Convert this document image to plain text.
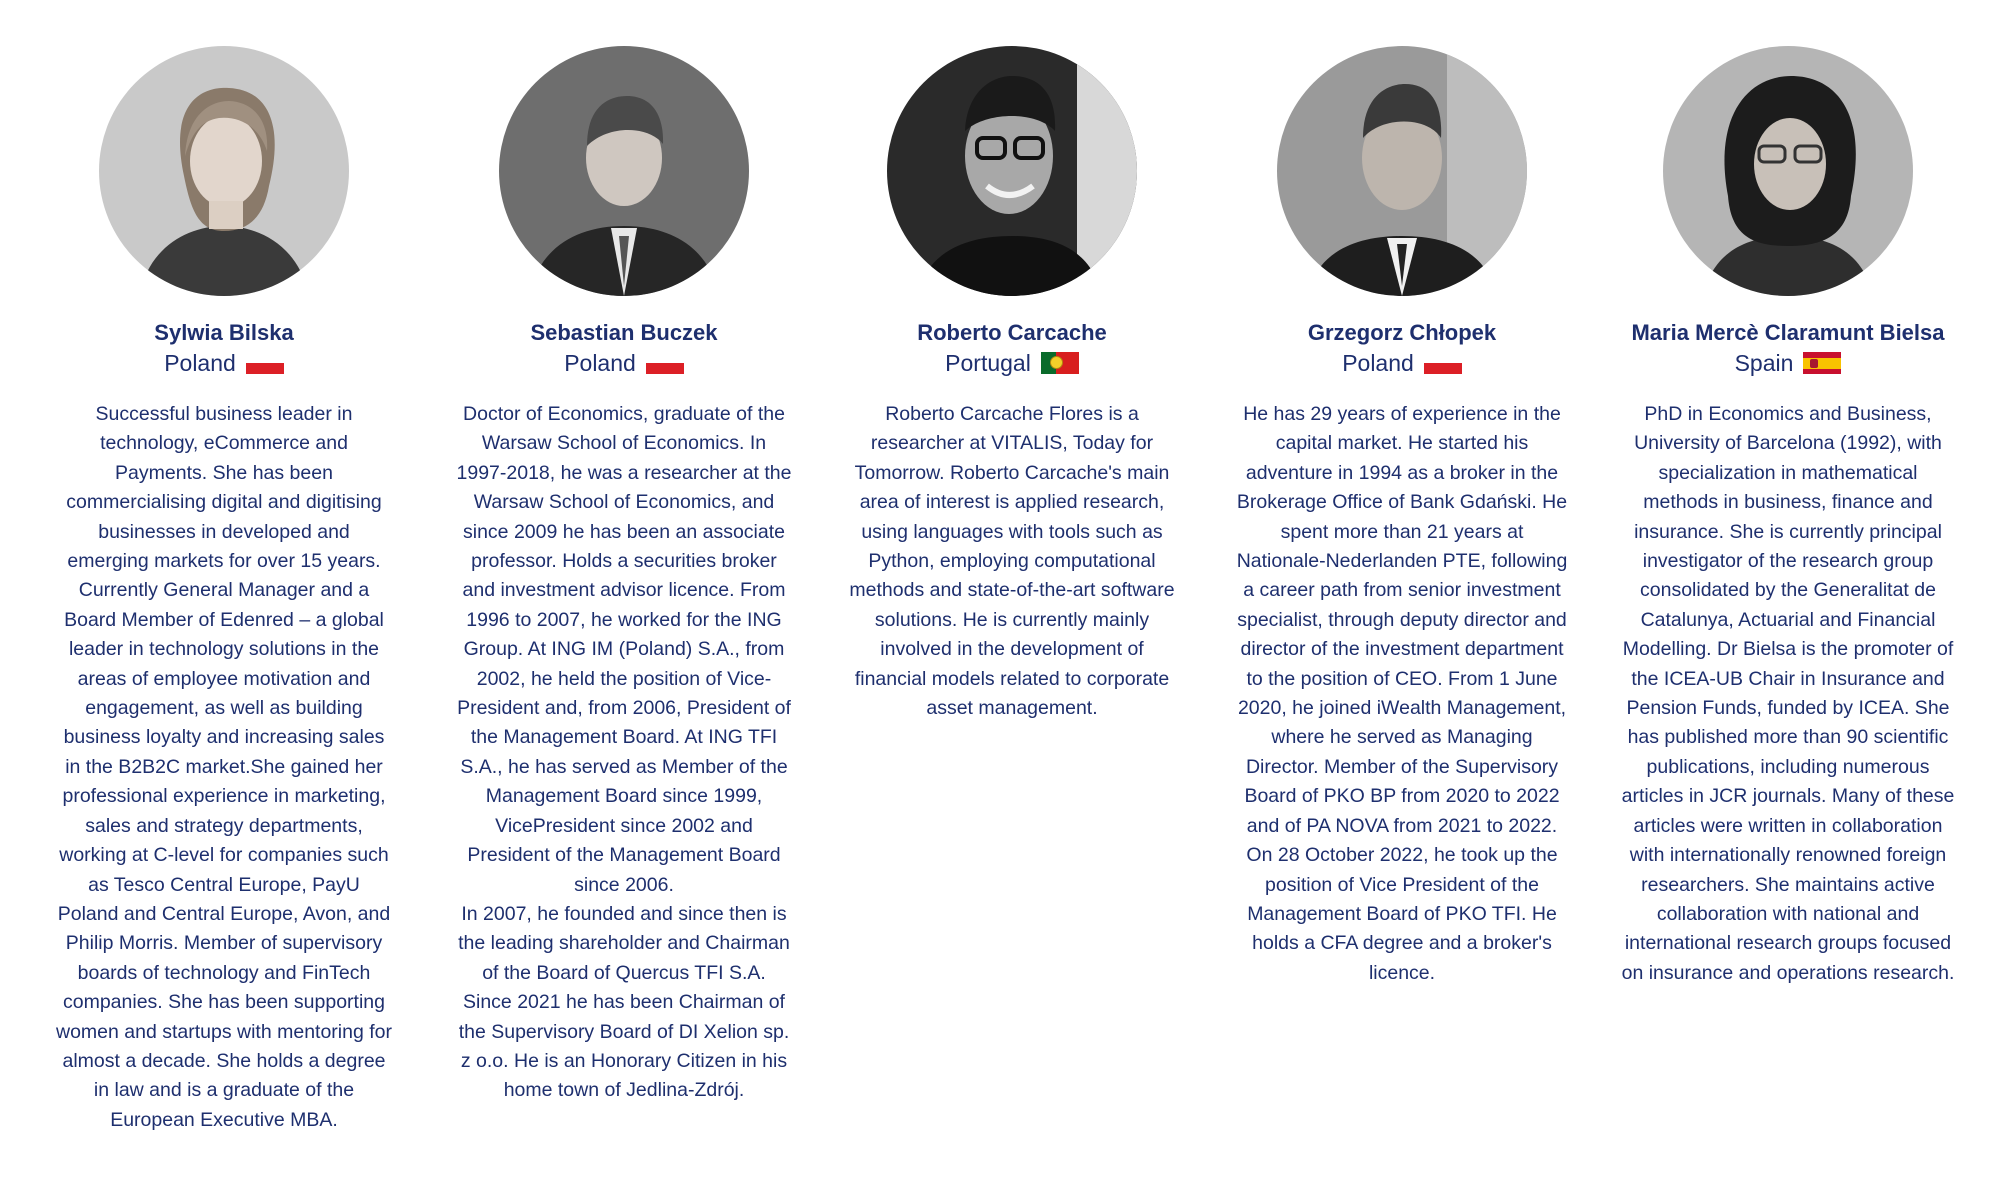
Sylwia Bilska
Poland

Successful business leader in technology, eCommerce and Payments. She has been commercialising digital and digitising businesses in developed and emerging markets for over 15 years. Currently General Manager and a Board Member of Edenred – a global leader in technology solutions in the areas of employee motivation and engagement, as well as building business loyalty and increasing sales in the B2B2C market.She gained her professional experience in marketing, sales and strategy departments, working at C-level for companies such as Tesco Central Europe, PayU Poland and Central Europe, Avon, and Philip Morris. Member of supervisory boards of technology and FinTech companies. She has been supporting women and startups with mentoring for almost a decade. She holds a degree in law and is a graduate of the European Executive MBA.

Sebastian Buczek
Poland

Doctor of Economics, graduate of the Warsaw School of Economics. In 1997-2018, he was a researcher at the Warsaw School of Economics, and since 2009 he has been an associate professor. Holds a securities broker and investment advisor licence. From 1996 to 2007, he worked for the ING Group. At ING IM (Poland) S.A., from 2002, he held the position of Vice-President and, from 2006, President of the Management Board. At ING TFI S.A., he has served as Member of the Management Board since 1999, VicePresident since 2002 and President of the Management Board since 2006.

In 2007, he founded and since then is the leading shareholder and Chairman of the Board of Quercus TFI S.A. Since 2021 he has been Chairman of the Supervisory Board of DI Xelion sp. z o.o. He is an Honorary Citizen in his home town of Jedlina-Zdrój.

Roberto Carcache
Portugal

Roberto Carcache Flores is a researcher at VITALIS, Today for Tomorrow. Roberto Carcache's main area of interest is applied research, using languages with tools such as Python, employing computational methods and state-of-the-art software solutions. He is currently mainly involved in the development of financial models related to corporate asset management.

Grzegorz Chłopek
Poland

He has 29 years of experience in the capital market. He started his adventure in 1994 as a broker in the Brokerage Office of Bank Gdański. He spent more than 21 years at Nationale-Nederlanden PTE, following a career path from senior investment specialist, through deputy director and director of the investment department to the position of CEO. From 1 June 2020, he joined iWealth Management, where he served as Managing Director. Member of the Supervisory Board of PKO BP from 2020 to 2022 and of PA NOVA from 2021 to 2022. On 28 October 2022, he took up the position of Vice President of the Management Board of PKO TFI. He holds a CFA degree and a broker's licence.

Maria Mercè Claramunt Bielsa
Spain

PhD in Economics and Business, University of Barcelona (1992), with specialization in mathematical methods in business, finance and insurance. She is currently principal investigator of the research group consolidated by the Generalitat de Catalunya, Actuarial and Financial Modelling. Dr Bielsa is the promoter of the ICEA-UB Chair in Insurance and Pension Funds, funded by ICEA. She has published more than 90 scientific publications, including numerous articles in JCR journals. Many of these articles were written in collaboration with internationally renowned foreign researchers. She maintains active collaboration with national and international research groups focused on insurance and operations research.
